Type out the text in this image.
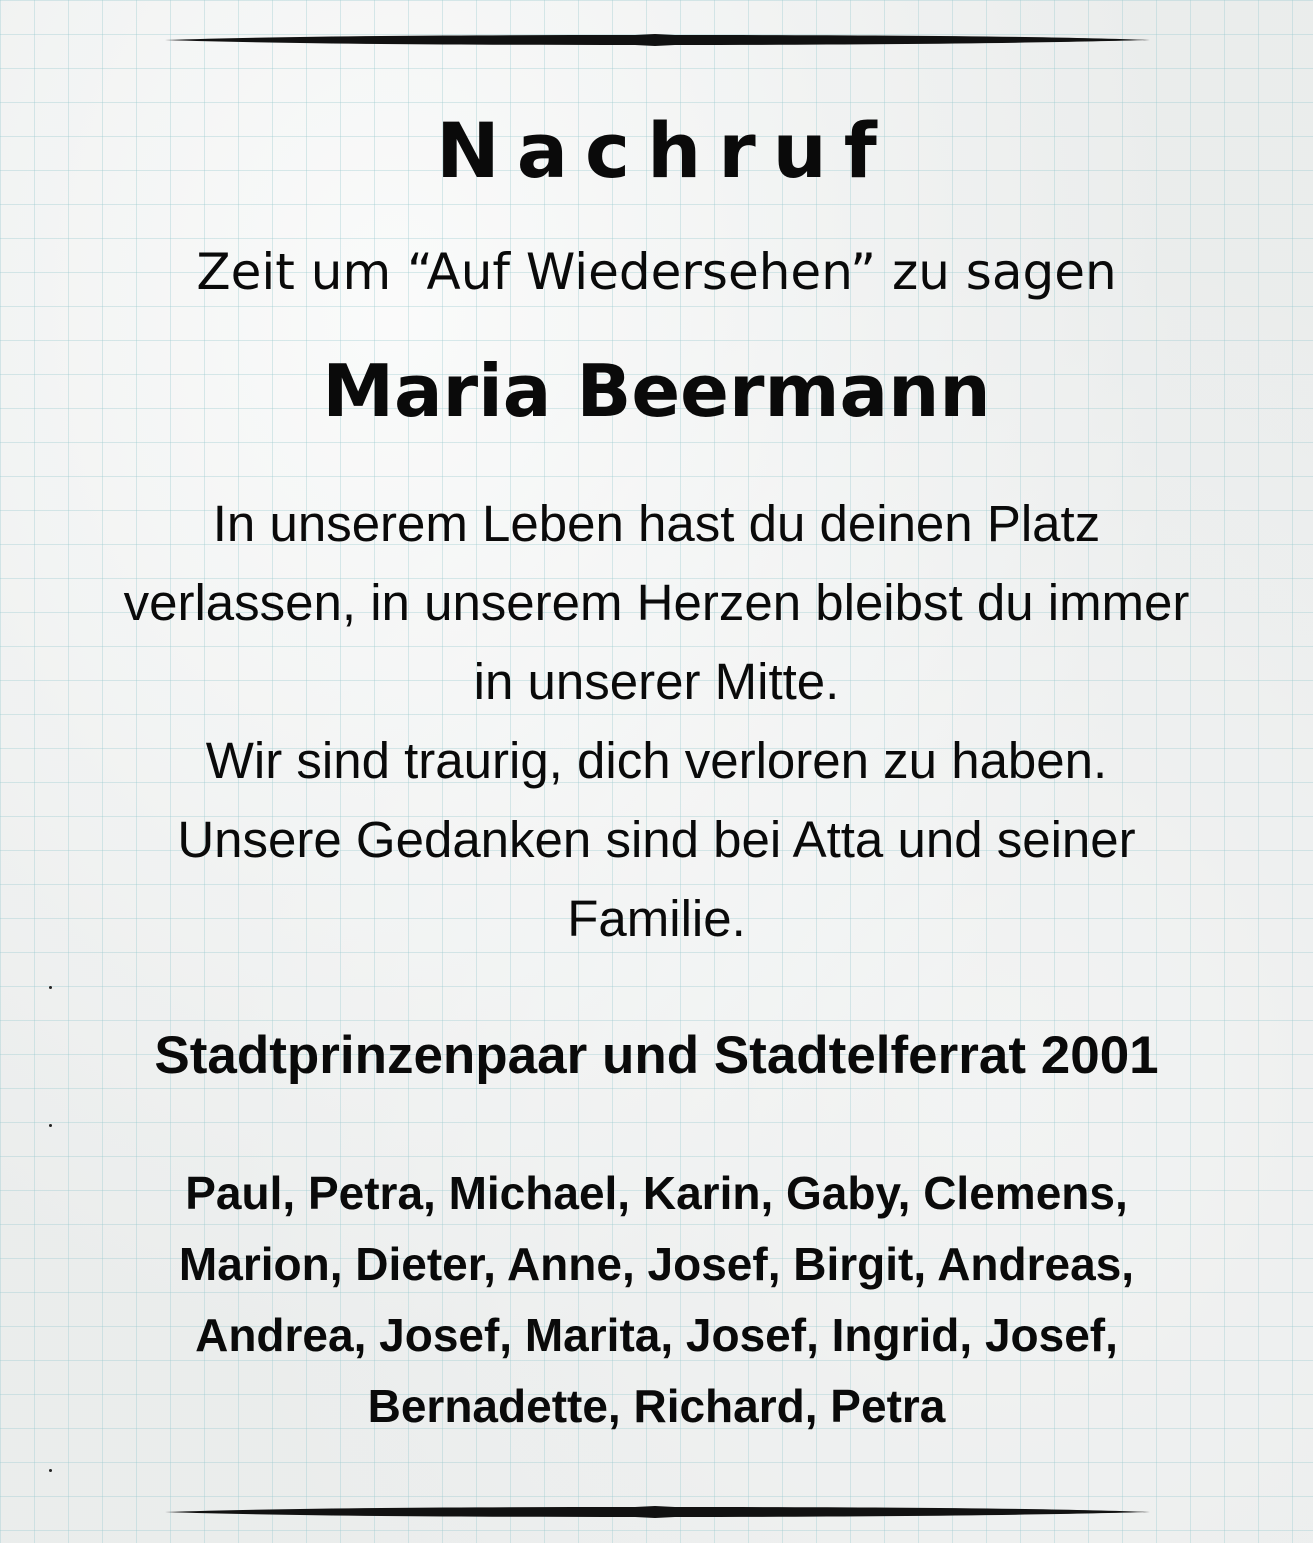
Nachruf
Zeit um “Auf Wiedersehen” zu sagen
Maria Beermann
In unserem Leben hast du deinen Platz
verlassen, in unserem Herzen bleibst du immer
in unserer Mitte.
Wir sind traurig, dich verloren zu haben.
Unsere Gedanken sind bei Atta und seiner
Familie.
Stadtprinzenpaar und Stadtelferrat 2001
Paul, Petra, Michael, Karin, Gaby, Clemens,
Marion, Dieter, Anne, Josef, Birgit, Andreas,
Andrea, Josef, Marita, Josef, Ingrid, Josef,
Bernadette, Richard, Petra
